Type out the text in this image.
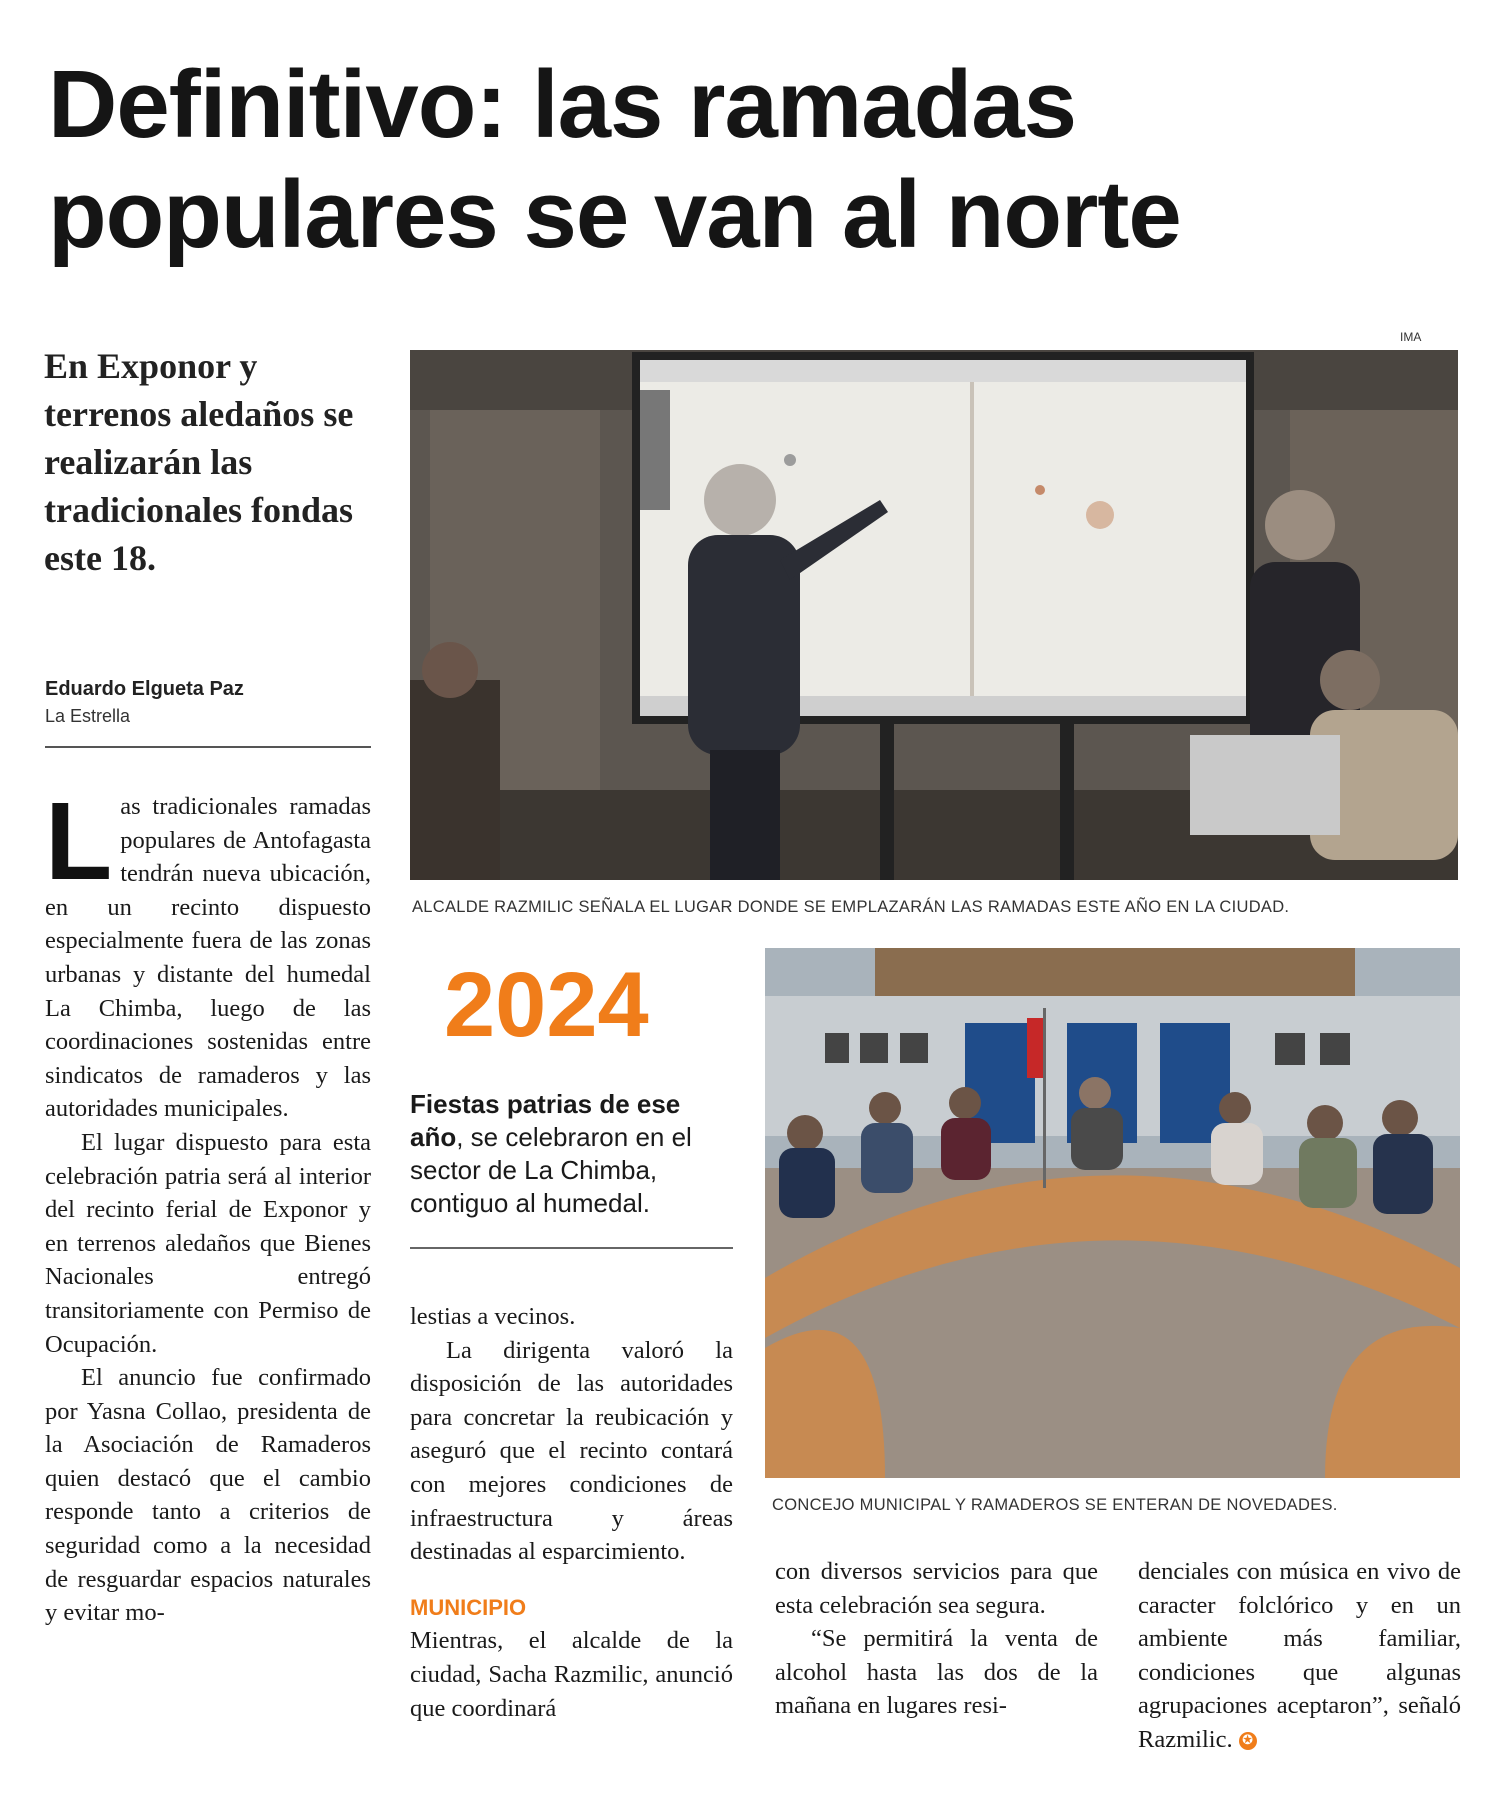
Definitivo: las ramadas
populares se van al norte
IMA
ALCALDE RAZMILIC SEÑALA EL LUGAR DONDE SE EMPLAZARÁN LAS RAMADAS ESTE AÑO EN LA CIUDAD.
En Exponor y terrenos aledaños se realizarán las tradicionales fondas este 18.
Eduardo Elgueta Paz
La Estrella

Las tradicionales ramadas populares de Antofagasta tendrán nueva ubicación, en un recinto dispuesto especialmente fuera de las zonas urbanas y distante del humedal La Chimba, luego de las coordinaciones sostenidas entre sindicatos de ramaderos y las autoridades municipales.

El lugar dispuesto para esta celebración patria será al interior del recinto ferial de Exponor y en terrenos aledaños que Bienes Nacionales entregó transitoriamente con Permiso de Ocupación.

El anuncio fue confirmado por Yasna Collao, presidenta de la Asociación de Ramaderos quien destacó que el cambio responde tanto a criterios de seguridad como a la necesidad de resguardar espacios naturales y evitar mo-

2024
Fiestas patrias de ese año, se celebraron en el sector de La Chimba, contiguo al humedal.
CONCEJO MUNICIPAL Y RAMADEROS SE ENTERAN DE NOVEDADES.

lestias a vecinos.

La dirigenta valoró la disposición de las autoridades para concretar la reubicación y aseguró que el recinto contará con mejores condiciones de infraestructura y áreas destinadas al esparcimiento.

MUNICIPIO

Mientras, el alcalde de la ciudad, Sacha Razmilic, anunció que coordinará

con diversos servicios para que esta celebración sea segura.

“Se permitirá la venta de alcohol hasta las dos de la mañana en lugares resi-

denciales con música en vivo de caracter folclórico y en un ambiente más familiar, condiciones que algunas agrupaciones aceptaron”, señaló Razmilic. ✪
